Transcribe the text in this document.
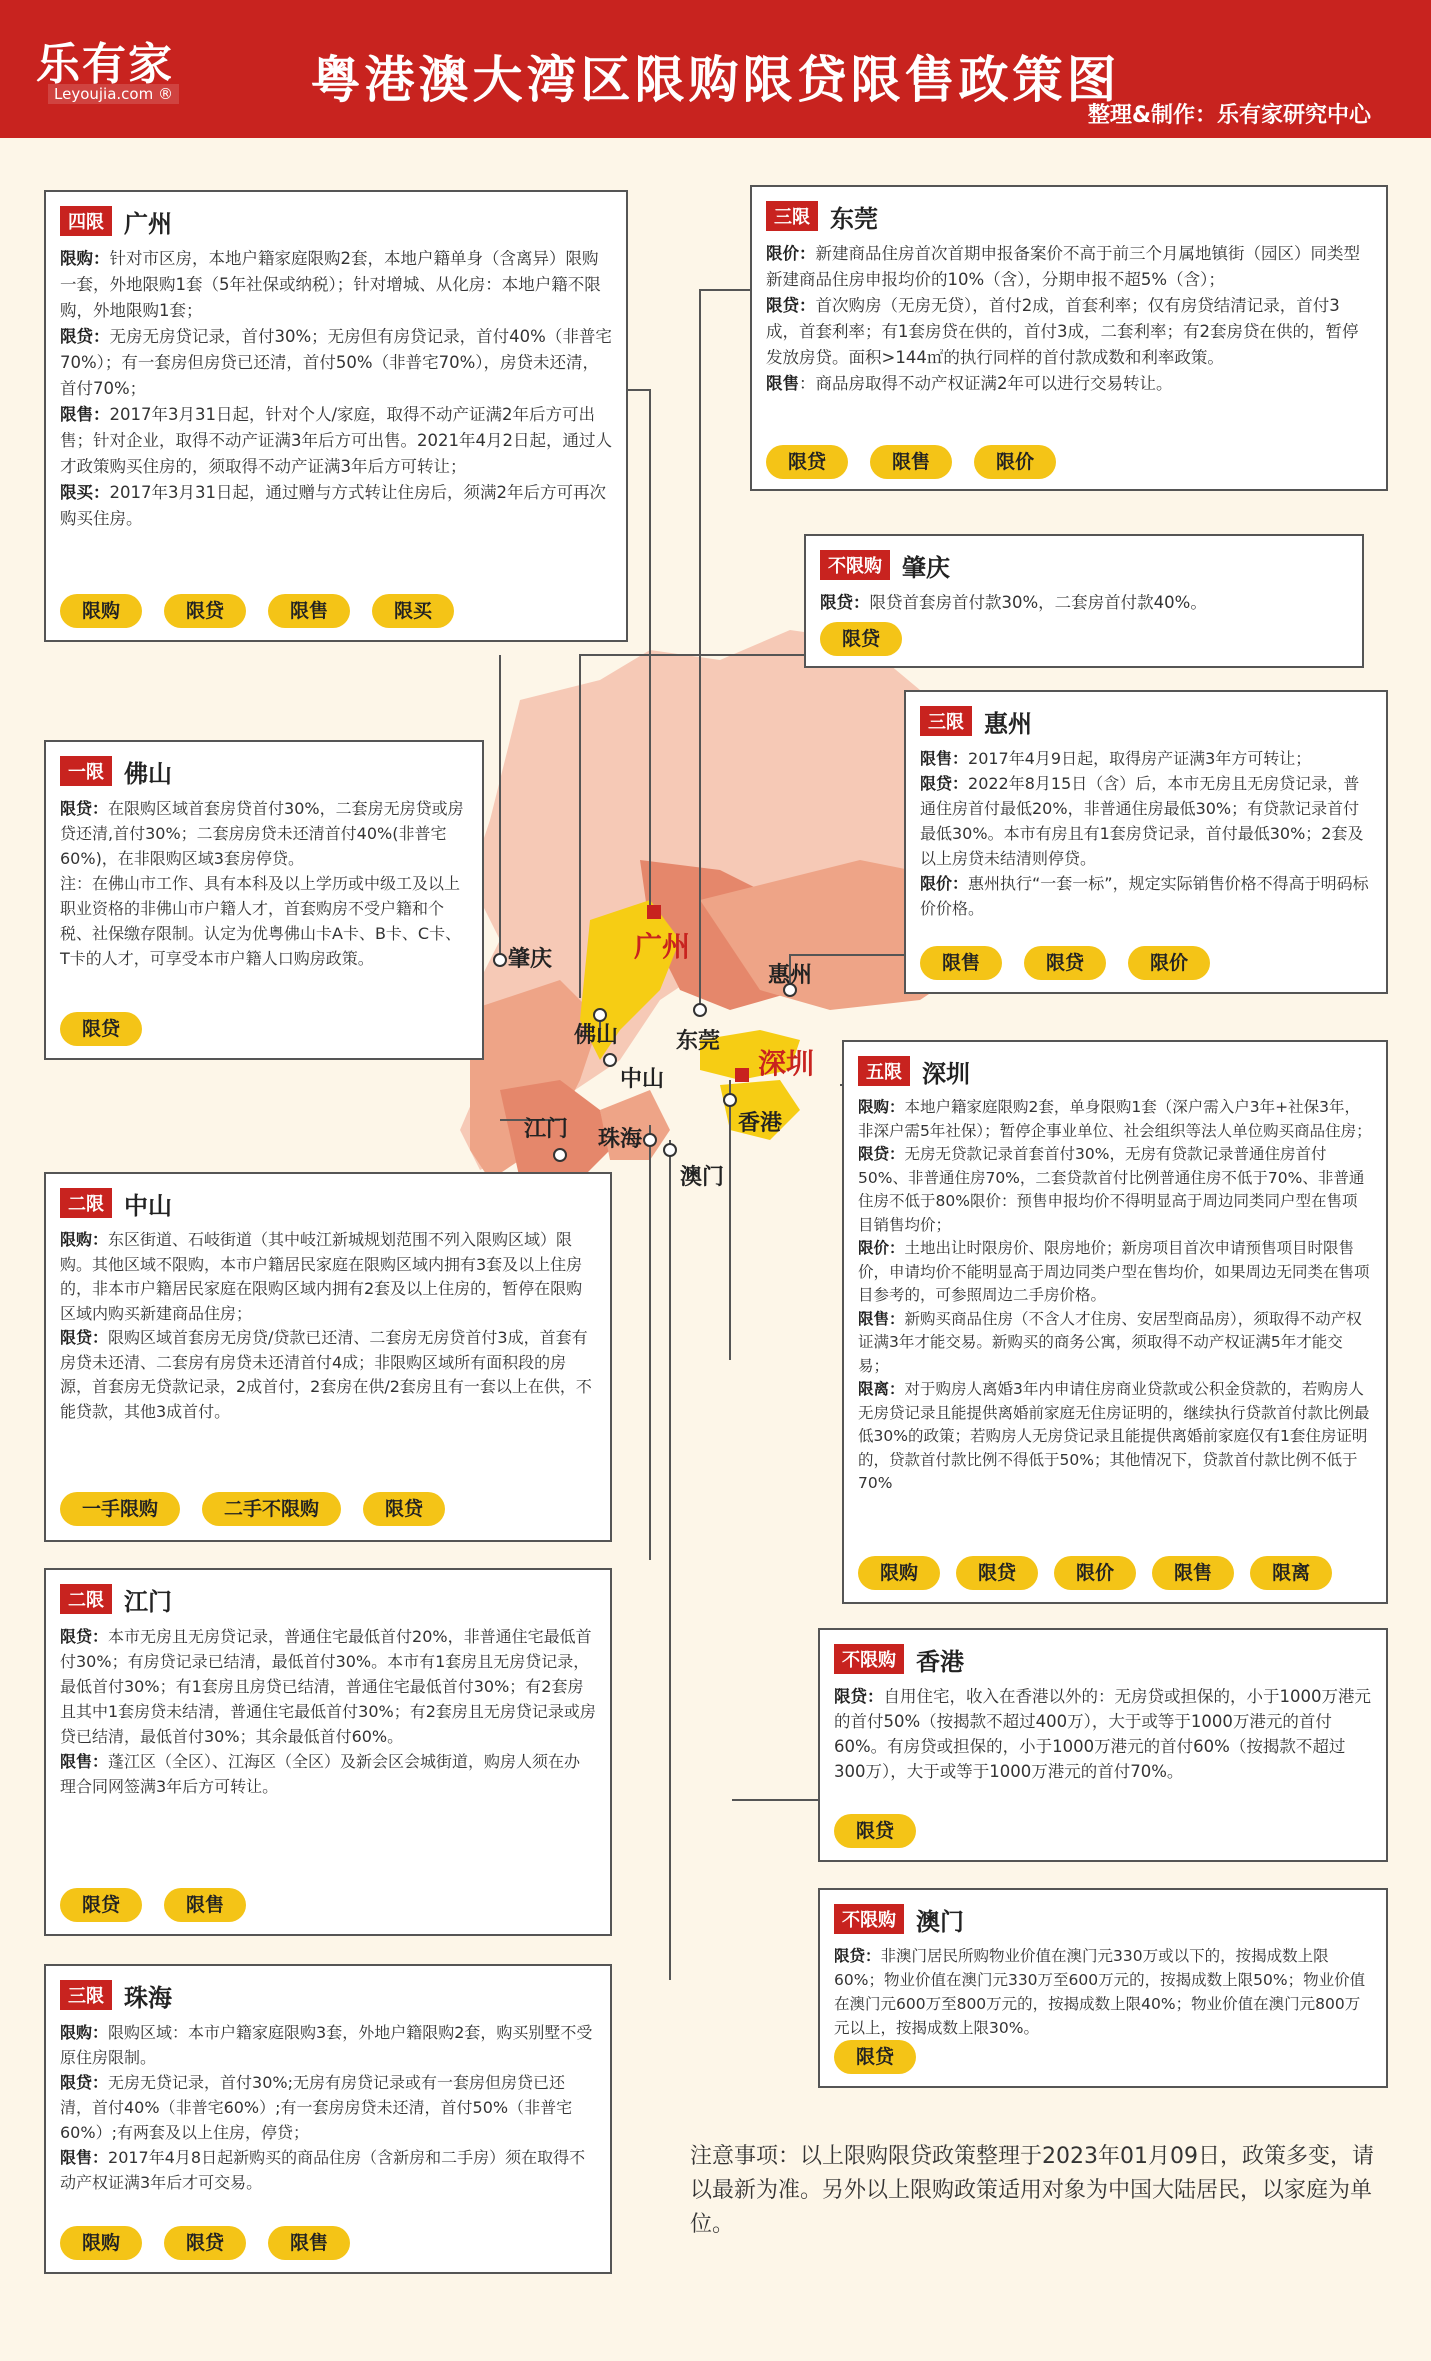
乐有家
Leyoujia.com ®	粤港澳大湾区限购限贷限售政策图
整理&制作：乐有家研究中心
广州
深圳
肇庆
佛山	东莞
惠州
中山
江门 珠海
香港
澳门
四限 广州

限购：针对市区房，本地户籍家庭限购2套，本地户籍单身（含离异）限购一套，外地限购1套（5年社保或纳税）；针对增城、从化房：本地户籍不限购，外地限购1套；

限贷：无房无房贷记录，首付30%；无房但有房贷记录，首付40%（非普宅70%）；有一套房但房贷已还清，首付50%（非普宅70%），房贷未还清，首付70%；

限售：2017年3月31日起，针对个人/家庭，取得不动产证满2年后方可出售；针对企业，取得不动产证满3年后方可出售。2021年4月2日起，通过人才政策购买住房的，须取得不动产证满3年后方可转让；

限买：2017年3月31日起，通过赠与方式转让住房后，须满2年后方可再次购买住房。

限购	限贷	限售	限买
三限 东莞

限价：新建商品住房首次首期申报备案价不高于前三个月属地镇街（园区）同类型新建商品住房申报均价的10%（含），分期申报不超5%（含）；

限贷：首次购房（无房无贷），首付2成，首套利率；仅有房贷结清记录，首付3成，首套利率；有1套房贷在供的，首付3成，二套利率；有2套房贷在供的，暂停发放房贷。面积>144㎡的执行同样的首付款成数和利率政策。

限售：商品房取得不动产权证满2年可以进行交易转让。

限贷	限售	限价
不限购 肇庆

限贷：限贷首套房首付款30%，二套房首付款40%。

限贷
三限 惠州

限售：2017年4月9日起，取得房产证满3年方可转让；

限贷：2022年8月15日（含）后，本市无房且无房贷记录，普通住房首付最低20%，非普通住房最低30%；有贷款记录首付最低30%。本市有房且有1套房贷记录，首付最低30%；2套及以上房贷未结清则停贷。

限价：惠州执行“一套一标”，规定实际销售价格不得高于明码标价价格。

限售	限贷	限价
一限 佛山

限贷：在限购区域首套房贷首付30%，二套房无房贷或房贷还清,首付30%；二套房房贷未还清首付40%(非普宅60%)，在非限购区域3套房停贷。

注：在佛山市工作、具有本科及以上学历或中级工及以上职业资格的非佛山市户籍人才，首套购房不受户籍和个税、社保缴存限制。认定为优粤佛山卡A卡、B卡、C卡、T卡的人才，可享受本市户籍人口购房政策。

限贷
五限 深圳

限购：本地户籍家庭限购2套，单身限购1套（深户需入户3年+社保3年，非深户需5年社保）；暂停企事业单位、社会组织等法人单位购买商品住房；

限贷：无房无贷款记录首套首付30%，无房有贷款记录普通住房首付50%、非普通住房70%，二套贷款首付比例普通住房不低于70%、非普通住房不低于80%限价：预售申报均价不得明显高于周边同类同户型在售项目销售均价；

限价：土地出让时限房价、限房地价；新房项目首次申请预售项目时限售价，申请均价不能明显高于周边同类户型在售均价，如果周边无同类在售项目参考的，可参照周边二手房价格。

限售：新购买商品住房（不含人才住房、安居型商品房），须取得不动产权证满3年才能交易。新购买的商务公寓，须取得不动产权证满5年才能交易；

限离：对于购房人离婚3年内申请住房商业贷款或公积金贷款的，若购房人无房贷记录且能提供离婚前家庭无住房证明的，继续执行贷款首付款比例最低30%的政策；若购房人无房贷记录且能提供离婚前家庭仅有1套住房证明的，贷款首付款比例不得低于50%；其他情况下，贷款首付款比例不低于70%

限购	限贷	限价	限售	限离
二限 中山

限购：东区街道、石岐街道（其中岐江新城规划范围不列入限购区域）限购。其他区域不限购，本市户籍居民家庭在限购区域内拥有3套及以上住房的，非本市户籍居民家庭在限购区域内拥有2套及以上住房的，暂停在限购区域内购买新建商品住房；

限贷：限购区域首套房无房贷/贷款已还清、二套房无房贷首付3成，首套有房贷未还清、二套房有房贷未还清首付4成；非限购区域所有面积段的房源，首套房无贷款记录，2成首付，2套房在供/2套房且有一套以上在供，不能贷款，其他3成首付。

一手限购	二手不限购	限贷
不限购 香港

限贷：自用住宅，收入在香港以外的：无房贷或担保的，小于1000万港元的首付50%（按揭款不超过400万），大于或等于1000万港元的首付60%。有房贷或担保的，小于1000万港元的首付60%（按揭款不超过300万），大于或等于1000万港元的首付70%。

限贷
二限 江门

限贷：本市无房且无房贷记录，普通住宅最低首付20%，非普通住宅最低首付30%；有房贷记录已结清，最低首付30%。本市有1套房且无房贷记录，最低首付30%；有1套房且房贷已结清，普通住宅最低首付30%；有2套房且其中1套房贷未结清，普通住宅最低首付30%；有2套房且无房贷记录或房贷已结清，最低首付30%；其余最低首付60%。

限售：蓬江区（全区）、江海区（全区）及新会区会城街道，购房人须在办理合同网签满3年后方可转让。

限贷	限售
不限购 澳门

限贷：非澳门居民所购物业价值在澳门元330万或以下的，按揭成数上限60%；物业价值在澳门元330万至600万元的，按揭成数上限50%；物业价值在澳门元600万至800万元的，按揭成数上限40%；物业价值在澳门元800万元以上，按揭成数上限30%。

限贷
三限 珠海

限购：限购区域：本市户籍家庭限购3套，外地户籍限购2套，购买别墅不受原住房限制。

限贷：无房无贷记录，首付30%;无房有房贷记录或有一套房但房贷已还清，首付40%（非普宅60%）;有一套房房贷未还清，首付50%（非普宅60%）;有两套及以上住房，停贷；

限售：2017年4月8日起新购买的商品住房（含新房和二手房）须在取得不动产权证满3年后才可交易。

限购	限贷	限售
注意事项：以上限购限贷政策整理于2023年01月09日，政策多变，请以最新为准。另外以上限购政策适用对象为中国大陆居民，以家庭为单位。
